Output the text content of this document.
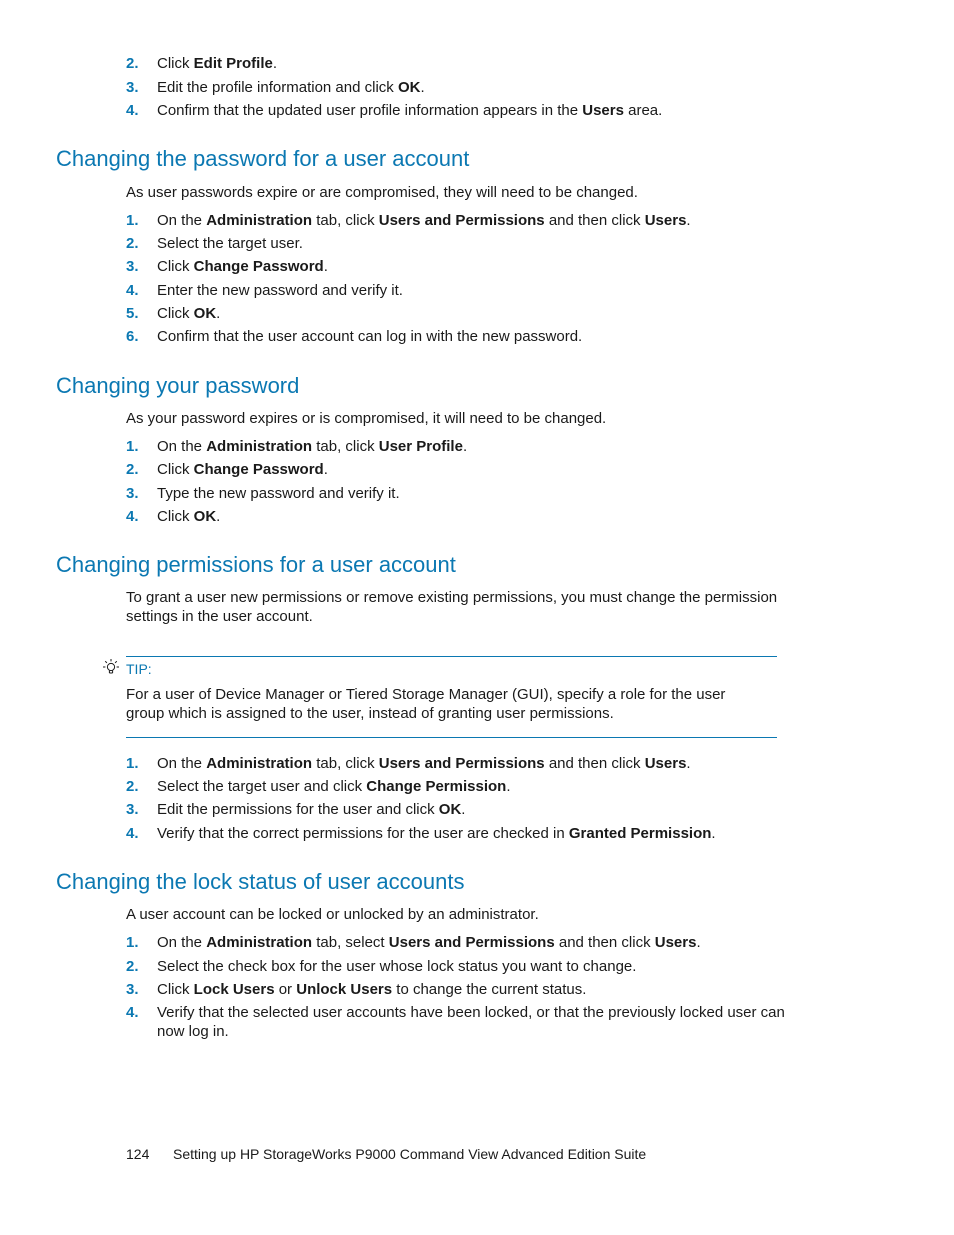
2. Click Edit Profile.
3. Edit the profile information and click OK.
4. Confirm that the updated user profile information appears in the Users area.
Changing the password for a user account

As user passwords expire or are compromised, they will need to be changed.

1. On the Administration tab, click Users and Permissions and then click Users.
2. Select the target user.
3. Click Change Password.
4. Enter the new password and verify it.
5. Click OK.
6. Confirm that the user account can log in with the new password.
Changing your password

As your password expires or is compromised, it will need to be changed.

1. On the Administration tab, click User Profile.
2. Click Change Password.
3. Type the new password and verify it.
4. Click OK.
Changing permissions for a user account

To grant a user new permissions or remove existing permissions, you must change the permission settings in the user account.

TIP:

For a user of Device Manager or Tiered Storage Manager (GUI), specify a role for the user group which is assigned to the user, instead of granting user permissions.

1. On the Administration tab, click Users and Permissions and then click Users.
2. Select the target user and click Change Permission.
3. Edit the permissions for the user and click OK.
4. Verify that the correct permissions for the user are checked in Granted Permission.
Changing the lock status of user accounts

A user account can be locked or unlocked by an administrator.

1. On the Administration tab, select Users and Permissions and then click Users.
2. Select the check box for the user whose lock status you want to change.
3. Click Lock Users or Unlock Users to change the current status.
4. Verify that the selected user accounts have been locked, or that the previously locked user can now log in.
124 Setting up HP StorageWorks P9000 Command View Advanced Edition Suite
